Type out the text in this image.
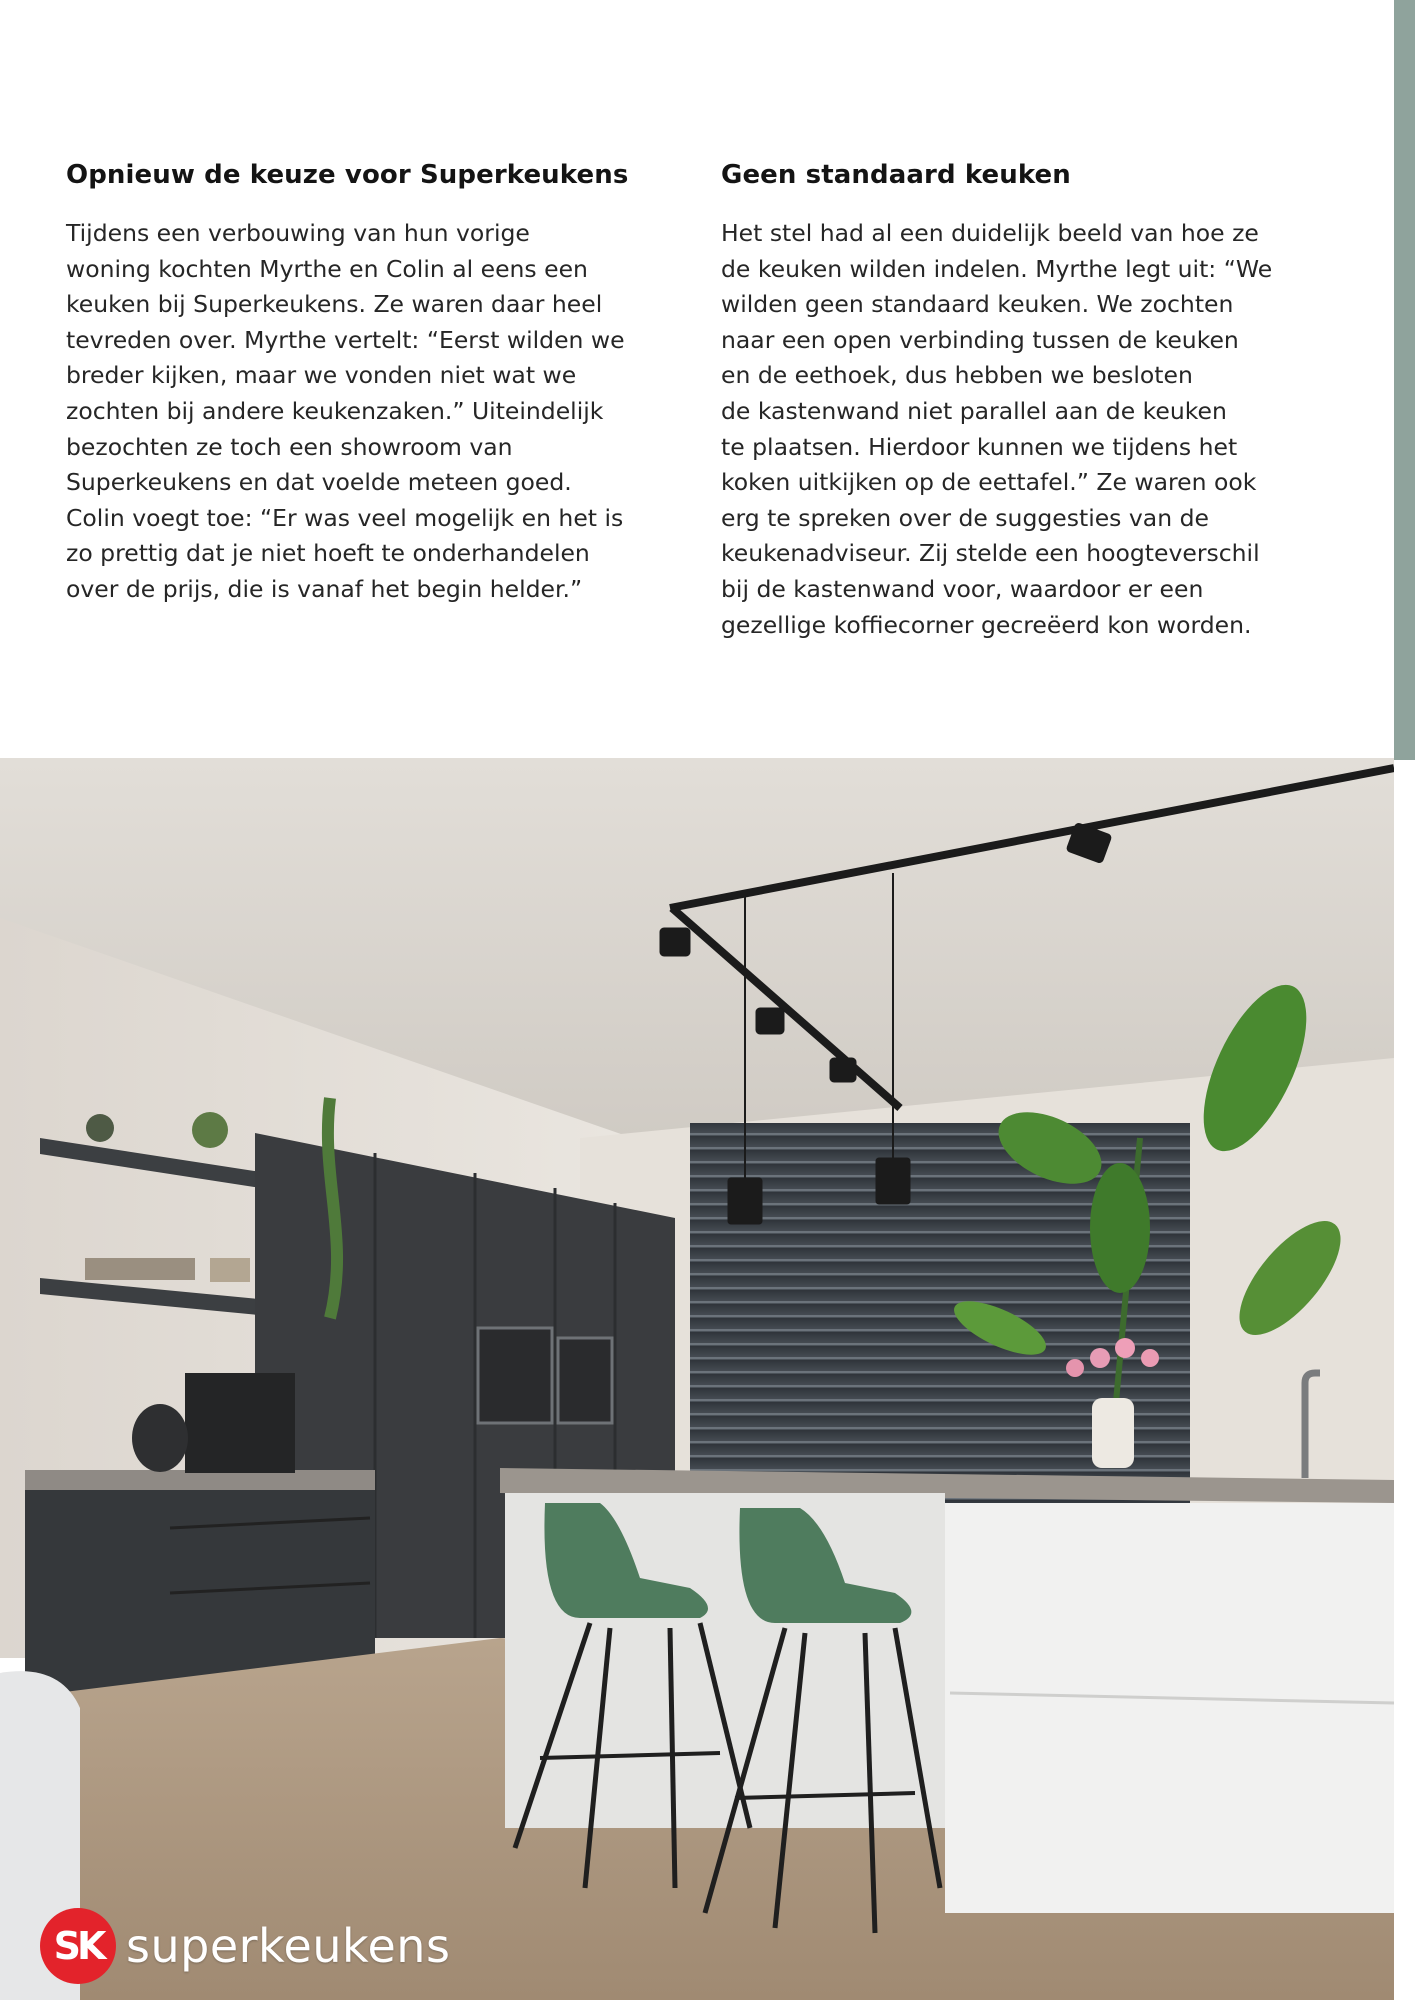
Opnieuw de keuze voor Superkeukens

Tijdens een verbouwing van hun vorige
woning kochten Myrthe en Colin al eens een
keuken bij Superkeukens. Ze waren daar heel
tevreden over. Myrthe vertelt: “Eerst wilden we
breder kijken, maar we vonden niet wat we
zochten bij andere keukenzaken.” Uiteindelijk
bezochten ze toch een showroom van
Superkeukens en dat voelde meteen goed.
Colin voegt toe: “Er was veel mogelijk en het is
zo prettig dat je niet hoeft te onderhandelen
over de prijs, die is vanaf het begin helder.”

Geen standaard keuken

Het stel had al een duidelijk beeld van hoe ze
de keuken wilden indelen. Myrthe legt uit: “We
wilden geen standaard keuken. We zochten
naar een open verbinding tussen de keuken
en de eethoek, dus hebben we besloten
de kastenwand niet parallel aan de keuken
te plaatsen. Hierdoor kunnen we tijdens het
koken uitkijken op de eettafel.” Ze waren ook
erg te spreken over de suggesties van de
keukenadviseur. Zij stelde een hoogteverschil
bij de kastenwand voor, waardoor er een
gezellige koffiecorner gecreëerd kon worden.

SK superkeukens
